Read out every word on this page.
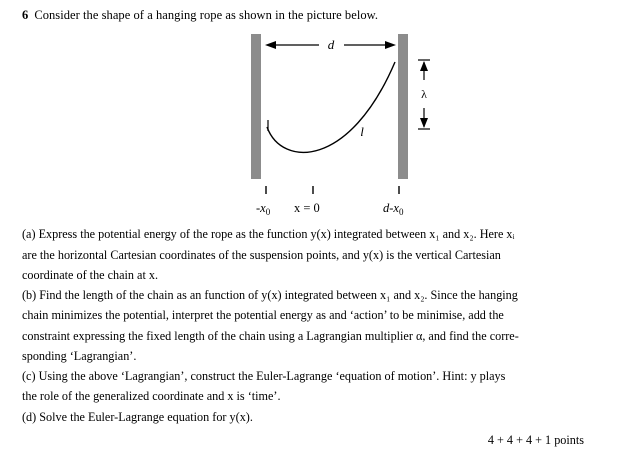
6 Consider the shape of a hanging rope as shown in the picture below.
d
l
λ
$-x_0$ x = 0	$d-x_0$
(a) Express the potential energy of the rope as the function y(x) integrated between x₁ and x₂. Here xᵢ
are the horizontal Cartesian coordinates of the suspension points, and y(x) is the vertical Cartesian
coordinate of the chain at x.
(b) Find the length of the chain as an function of y(x) integrated between x₁ and x₂. Since the hanging
chain minimizes the potential, interpret the potential energy as and ‘action’ to be minimise, add the
constraint expressing the fixed length of the chain using a Lagrangian multiplier α, and find the corre-
sponding ‘Lagrangian’.
(c) Using the above ‘Lagrangian’, construct the Euler-Lagrange ‘equation of motion’. Hint: y plays
the role of the generalized coordinate and x is ‘time’.
(d) Solve the Euler-Lagrange equation for y(x).
4 + 4 + 4 + 1 points
